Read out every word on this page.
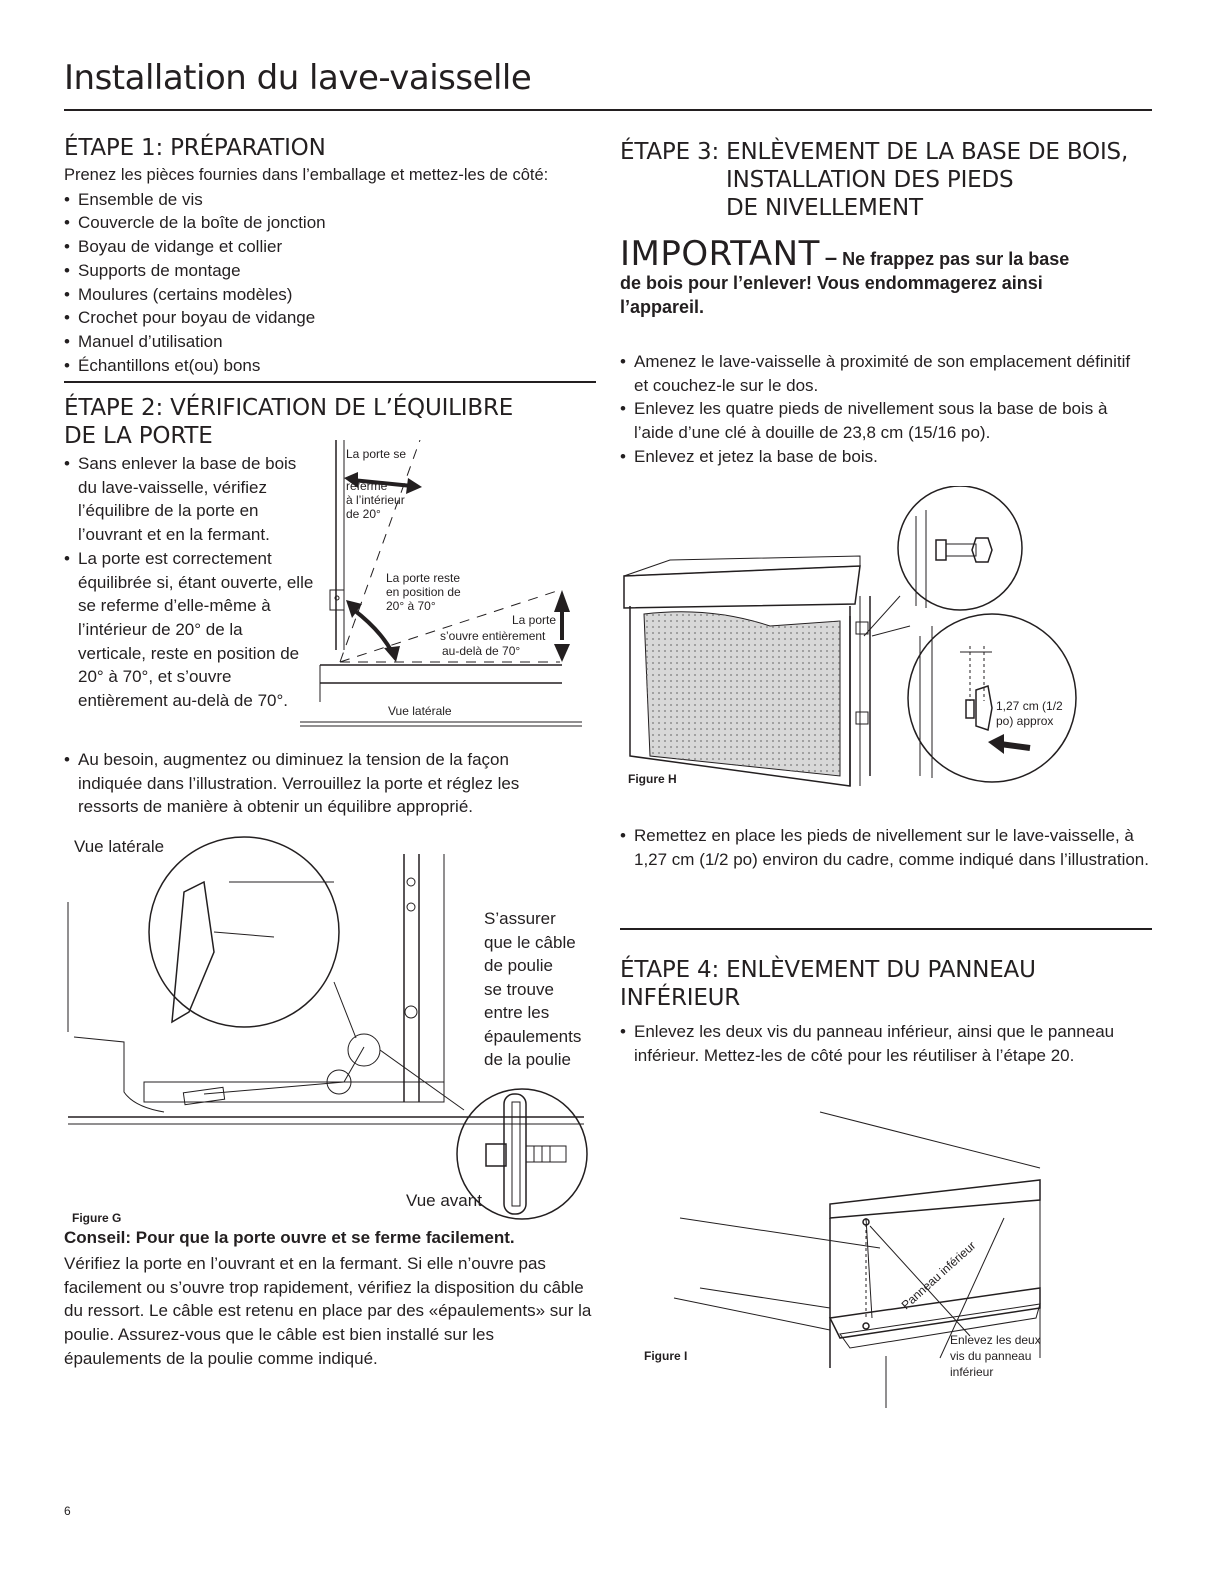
Installation du lave-vaisselle
ÉTAPE 1: PRÉPARATION
Prenez les pièces fournies dans l’emballage et mettez-les de côté:
• Ensemble de vis
• Couvercle de la boîte de jonction
• Boyau de vidange et collier
• Supports de montage
• Moulures (certains modèles)
• Crochet pour boyau de vidange
• Manuel d’utilisation
• Échantillons et(ou) bons
ÉTAPE 2: VÉRIFICATION DE L’ÉQUILIBRE
DE LA PORTE
• Sans enlever la base de bois du lave-vaisselle, vérifiez l’équilibre de la porte en l’ouvrant et en la fermant.
• La porte est correctement équilibrée si, étant ouverte, elle se referme d’elle-même à l’intérieur de 20° de la verticale, reste en position de 20° à 70°, et s’ouvre entièrement au-delà de 70°.
• Au besoin, augmentez ou diminuez la tension de la façon indiquée dans l’illustration. Verrouillez la porte et réglez les ressorts de manière à obtenir un équilibre approprié.
La porte se
referme
à l’intérieur
de 20°
La porte reste
en position de
20° à 70°
La porte
s’ouvre entièrement
au-delà de 70°
Vue latérale
Vue latérale
S’assurer
que le câble
de poulie
se trouve
entre les
épaulements
de la poulie
Vue avant
Figure G
Conseil: Pour que la porte ouvre et se ferme facilement.
Vérifiez la porte en l’ouvrant et en la fermant. Si elle n’ouvre pas facilement ou s’ouvre trop rapidement, vérifiez la disposition du câble du ressort. Le câble est retenu en place par des «épaulements» sur la poulie. Assurez-vous que le câble est bien installé sur les épaulements de la poulie comme indiqué.
ÉTAPE 3: ENLÈVEMENT DE LA BASE DE BOIS,
INSTALLATION DES PIEDS
DE NIVELLEMENT
IMPORTANT – Ne frappez pas sur la base
de bois pour l’enlever! Vous endommagerez ainsi
l’appareil.
• Amenez le lave-vaisselle à proximité de son emplacement définitif et couchez-le sur le dos.
• Enlevez les quatre pieds de nivellement sous la base de bois à l’aide d’une clé à douille de 23,8 cm (15/16 po).
• Enlevez et jetez la base de bois.
1,27 cm (1/2
po) approx
Figure H
• Remettez en place les pieds de nivellement sur le lave-vaisselle, à 1,27 cm (1/2 po) environ du cadre, comme indiqué dans l’illustration.
ÉTAPE 4: ENLÈVEMENT DU PANNEAU
INFÉRIEUR
• Enlevez les deux vis du panneau inférieur, ainsi que le panneau inférieur. Mettez-les de côté pour les réutiliser à l’étape 20.
Panneau inférieur
Enlevez les deux
vis du panneau
inférieur
Figure I
6
